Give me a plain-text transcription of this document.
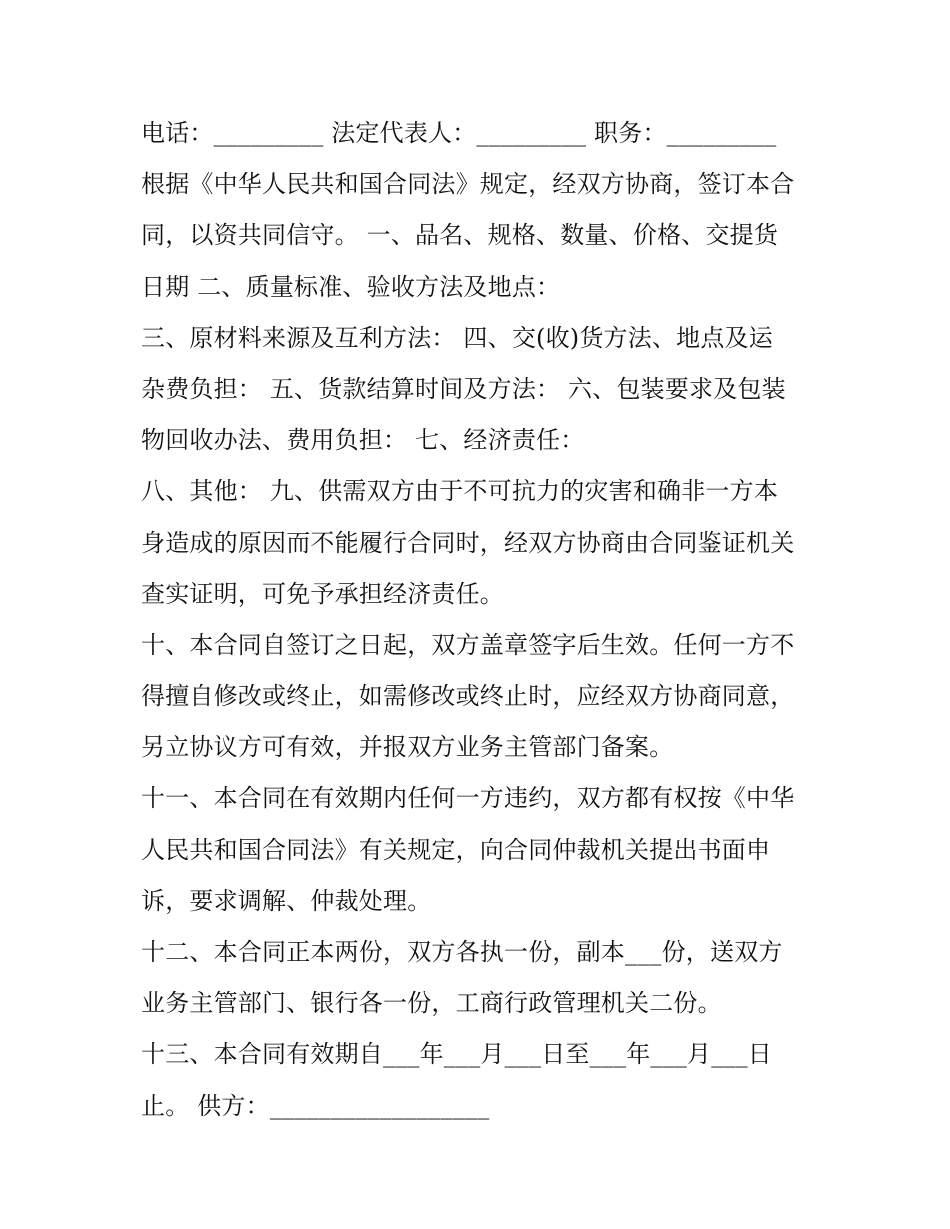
电话：_________ 法定代表人：_________ 职务：_________
根据《中华人民共和国合同法》规定，经双方协商，签订本合
同，以资共同信守。 一、品名、规格、数量、价格、交提货
日期 二、质量标准、验收方法及地点：
三、原材料来源及互利方法： 四、交(收)货方法、地点及运
杂费负担： 五、货款结算时间及方法： 六、包装要求及包装
物回收办法、费用负担： 七、经济责任：
八、其他： 九、供需双方由于不可抗力的灾害和确非一方本
身造成的原因而不能履行合同时，经双方协商由合同鉴证机关
查实证明，可免予承担经济责任。
十、本合同自签订之日起，双方盖章签字后生效。任何一方不
得擅自修改或终止，如需修改或终止时，应经双方协商同意，
另立协议方可有效，并报双方业务主管部门备案。
十一、本合同在有效期内任何一方违约，双方都有权按《中华
人民共和国合同法》有关规定，向合同仲裁机关提出书面申
诉，要求调解、仲裁处理。
十二、本合同正本两份，双方各执一份，副本___份，送双方
业务主管部门、银行各一份，工商行政管理机关二份。
十三、本合同有效期自___年___月___日至___年___月___日
止。 供方：__________________
